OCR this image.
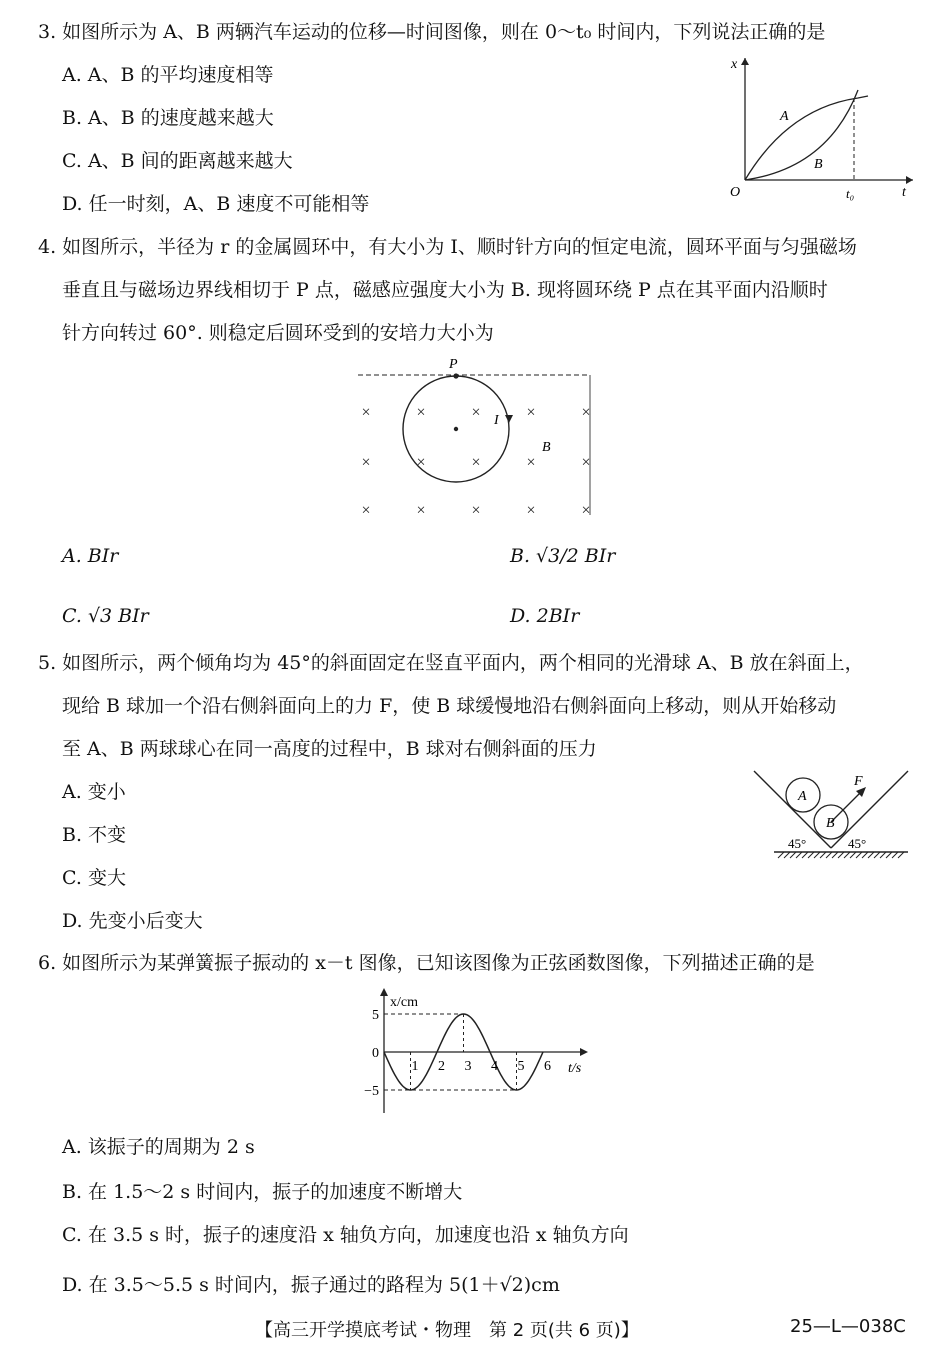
3. 如图所示为 A、B 两辆汽车运动的位移—时间图像，则在 0～t₀ 时间内，下列说法正确的是
A. A、B 的平均速度相等
B. A、B 的速度越来越大
C. A、B 间的距离越来越大
D. 任一时刻，A、B 速度不可能相等
x
t
O
A
B
t₀
4. 如图所示，半径为 r 的金属圆环中，有大小为 I、顺时针方向的恒定电流，圆环平面与匀强磁场
垂直且与磁场边界线相切于 P 点，磁感应强度大小为 B. 现将圆环绕 P 点在其平面内沿顺时
针方向转过 60°. 则稳定后圆环受到的安培力大小为
P
I
B
×	×	×	×	×
×	×	×	×	×
×	×	×	×	×
A. BIr	B. √3/2 BIr
C. √3 BIr	D. 2BIr
5. 如图所示，两个倾角均为 45°的斜面固定在竖直平面内，两个相同的光滑球 A、B 放在斜面上，
现给 B 球加一个沿右侧斜面向上的力 F，使 B 球缓慢地沿右侧斜面向上移动，则从开始移动
至 A、B 两球球心在同一高度的过程中，B 球对右侧斜面的压力
A. 变小
B. 不变
C. 变大
D. 先变小后变大
A
B
F
45°	45°
6. 如图所示为某弹簧振子振动的 x－t 图像，已知该图像为正弦函数图像，下列描述正确的是
1 2 3 4 5 6
5
0
−5
x/cm
t/s
A. 该振子的周期为 2 s
B. 在 1.5～2 s 时间内，振子的加速度不断增大
C. 在 3.5 s 时，振子的速度沿 x 轴负方向，加速度也沿 x 轴负方向
D. 在 3.5～5.5 s 时间内，振子通过的路程为 5(1＋√2)cm
【高三开学摸底考试・物理　第 2 页(共 6 页)】	25—L—038C
